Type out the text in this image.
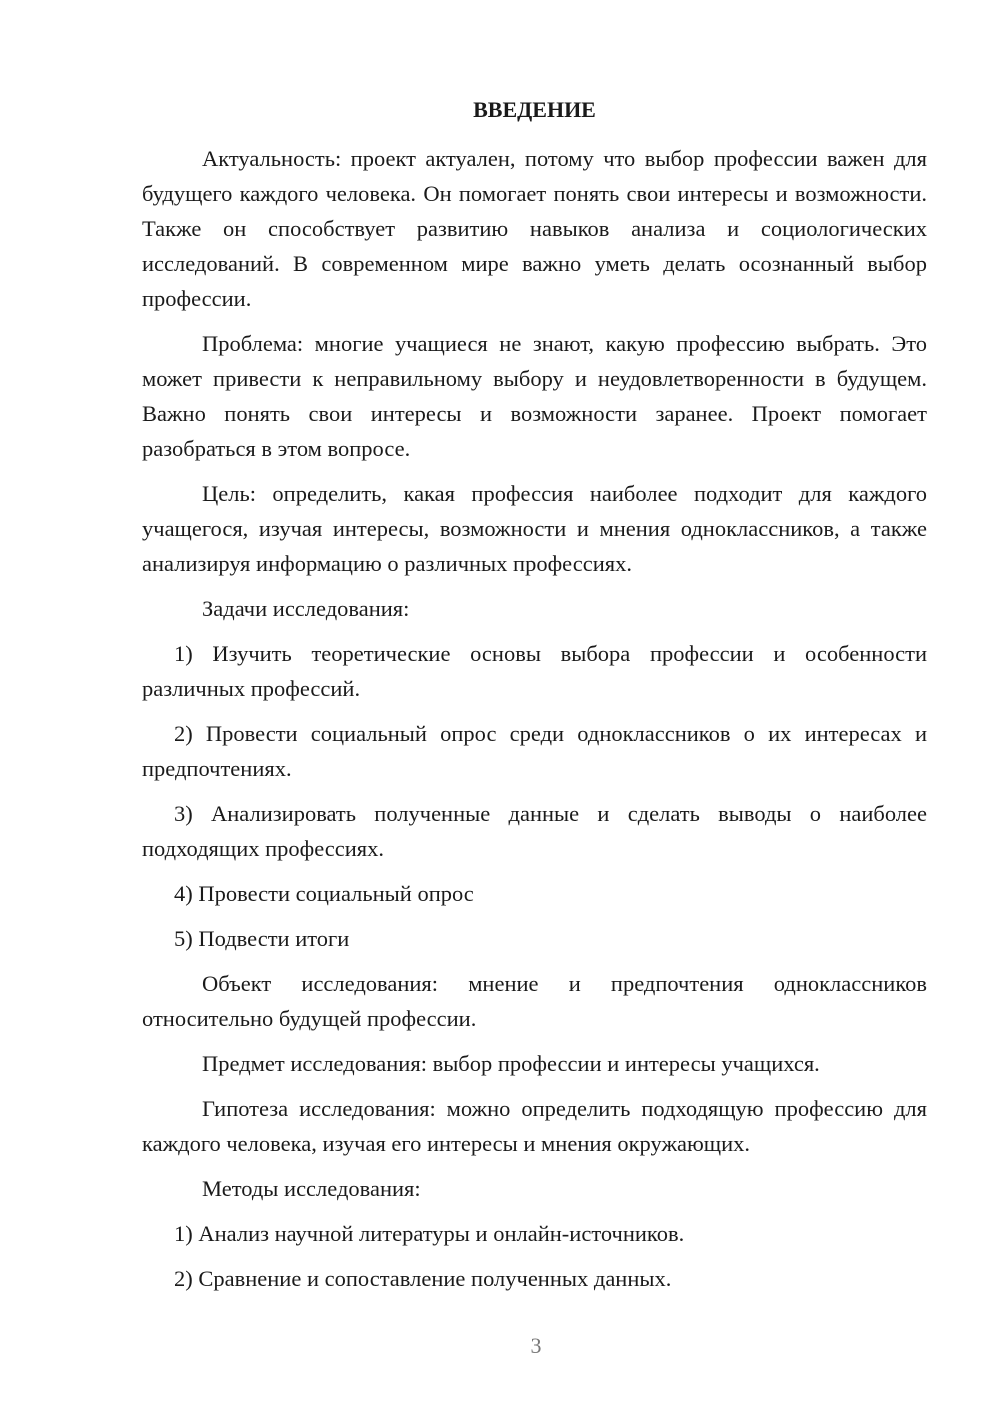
ВВЕДЕНИЕ

Актуальность: проект актуален, потому что выбор профессии важен для будущего каждого человека. Он помогает понять свои интересы и возможности. Также он способствует развитию навыков анализа и социологических исследований. В современном мире важно уметь делать осознанный выбор профессии.

Проблема: многие учащиеся не знают, какую профессию выбрать. Это может привести к неправильному выбору и неудовлетворенности в будущем. Важно понять свои интересы и возможности заранее. Проект помогает разобраться в этом вопросе.

Цель: определить, какая профессия наиболее подходит для каждого учащегося, изучая интересы, возможности и мнения одноклассников, а также анализируя информацию о различных профессиях.

Задачи исследования:

1) Изучить теоретические основы выбора профессии и особенности различных профессий.

2) Провести социальный опрос среди одноклассников о их интересах и предпочтениях.

3) Анализировать полученные данные и сделать выводы о наиболее подходящих профессиях.

4) Провести социальный опрос

5) Подвести итоги

Объект исследования: мнение и предпочтения одноклассников относительно будущей профессии.

Предмет исследования: выбор профессии и интересы учащихся.

Гипотеза исследования: можно определить подходящую профессию для каждого человека, изучая его интересы и мнения окружающих.

Методы исследования:

1) Анализ научной литературы и онлайн-источников.

2) Сравнение и сопоставление полученных данных.

3
